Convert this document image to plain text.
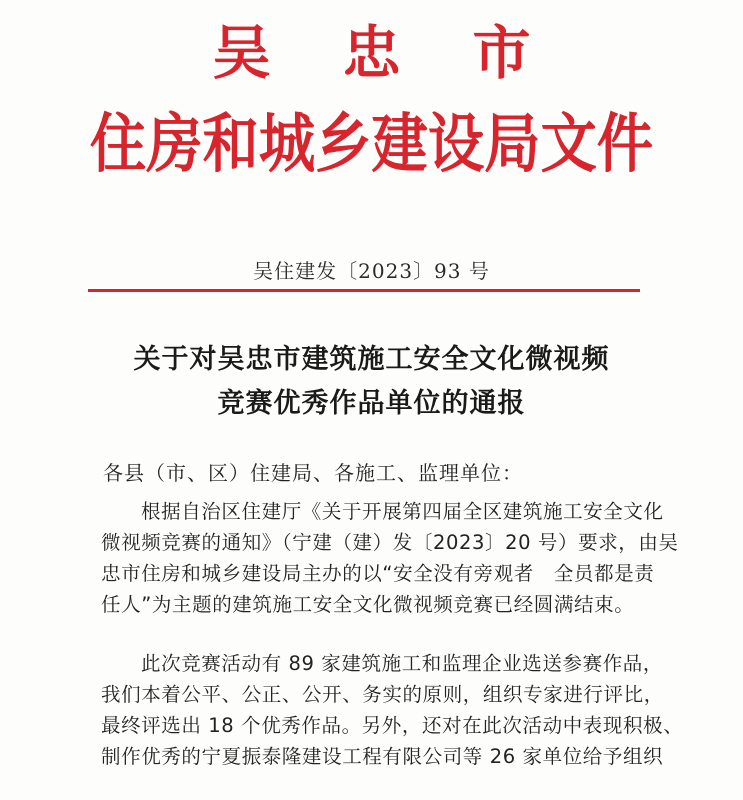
吴忠市
住房和城乡建设局文件
吴住建发〔2023〕93 号
关于对吴忠市建筑施工安全文化微视频
竞赛优秀作品单位的通报
各县（市、区）住建局、各施工、监理单位：
根据自治区住建厅《关于开展第四届全区建筑施工安全文化
微视频竞赛的通知》（宁建（建）发〔2023〕20 号）要求，由吴
忠市住房和城乡建设局主办的以“安全没有旁观者　全员都是责
任人”为主题的建筑施工安全文化微视频竞赛已经圆满结束。
此次竞赛活动有 89 家建筑施工和监理企业选送参赛作品，
我们本着公平、公正、公开、务实的原则，组织专家进行评比，
最终评选出 18 个优秀作品。另外，还对在此次活动中表现积极、
制作优秀的宁夏振泰隆建设工程有限公司等 26 家单位给予组织
